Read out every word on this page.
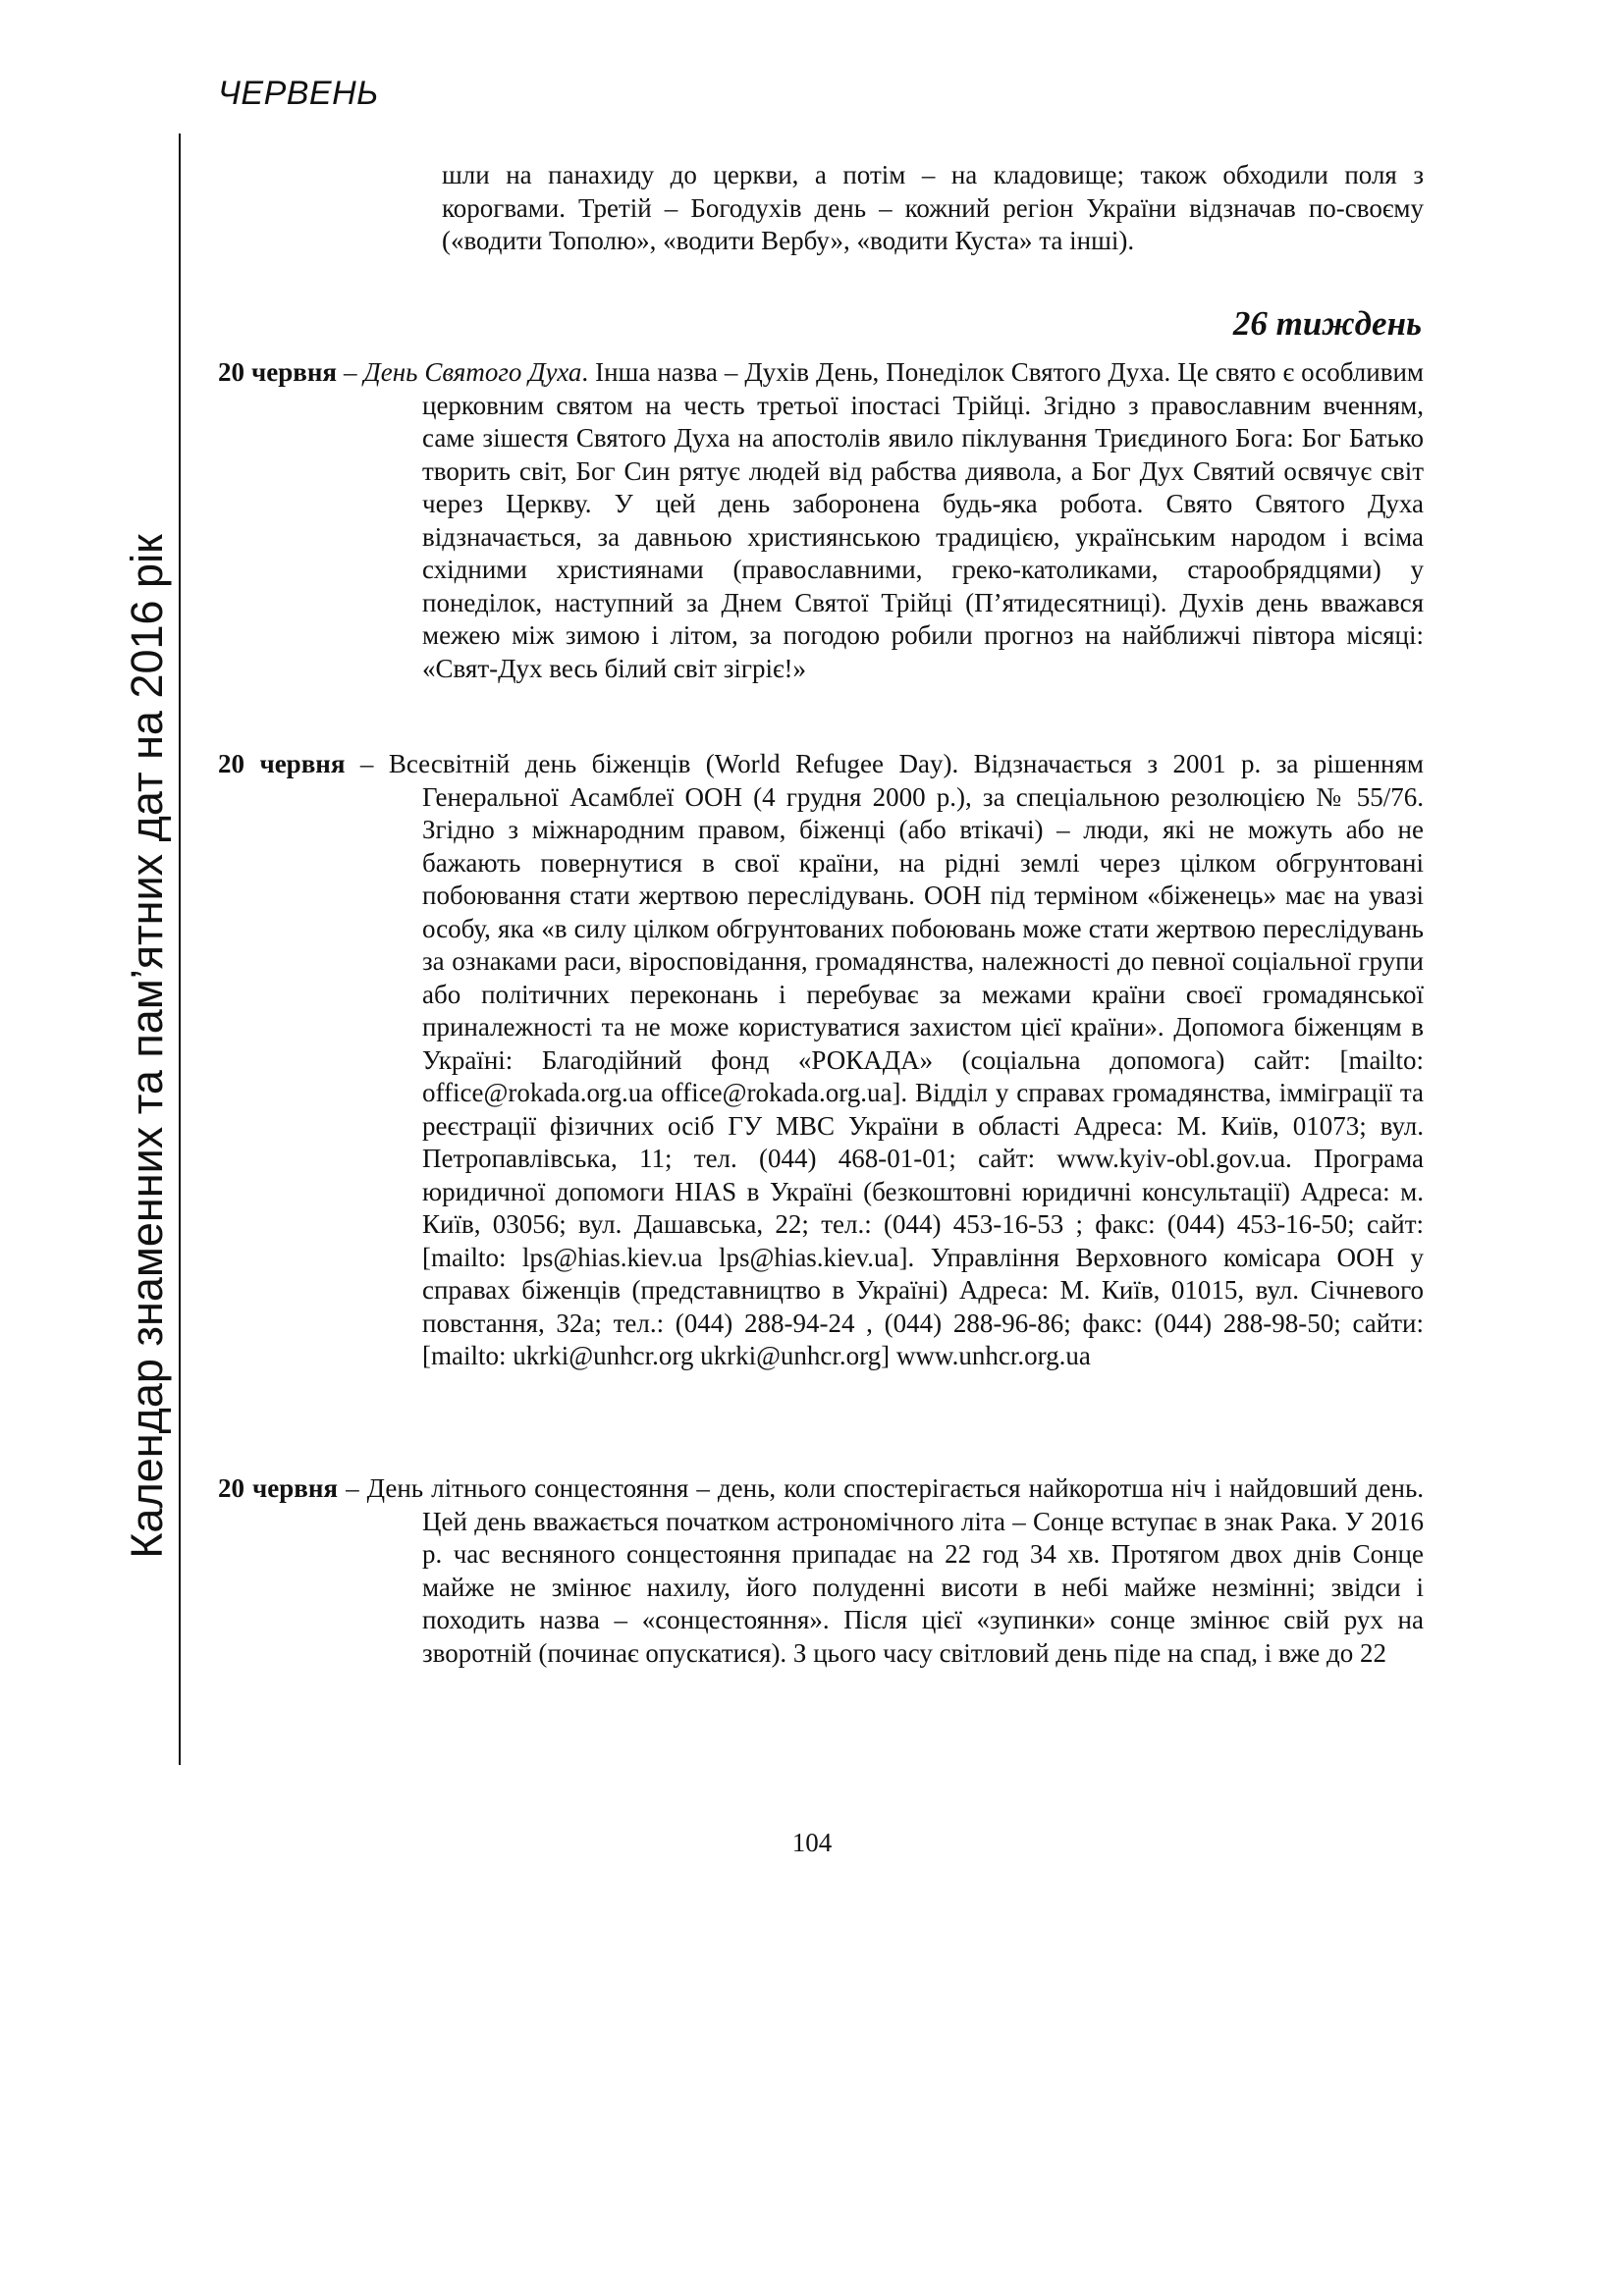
ЧЕРВЕНЬ
Календар знаменних та пам’ятних дат на 2016 рік
шли на панахиду до церкви, а потім – на кладовище; також обходили поля з корогвами. Третій – Богодухів день – кожний регіон України відзначав по-своєму («водити Тополю», «водити Вербу», «водити Куста» та інші).
26 тиждень

20 червня – День Святого Духа. Інша назва – Духів День, Понеділок Святого Духа. Це свято є особливим церковним святом на честь третьої іпостасі Трійці. Згідно з православним вченням, саме зішестя Святого Духа на апостолів явило піклування Триєдиного Бога: Бог Батько творить світ, Бог Син рятує людей від рабства диявола, а Бог Дух Святий освячує світ через Церкву. У цей день заборонена будь-яка робота. Свято Святого Духа відзначається, за давньою християнською традицією, українським народом і всіма східними християнами (православними, греко-католиками, старообрядцями) у понеділок, наступний за Днем Святої Трійці (П’ятидесятниці). Духів день вважався межею між зимою і літом, за погодою робили прогноз на найближчі півтора місяці: «Свят-Дух весь білий світ зігріє!»

20 червня – Всесвітній день біженців (World Refugee Day). Відзначається з 2001 р. за рішенням Генеральної Асамблеї ООН (4 грудня 2000 р.), за спеціальною резолюцією № 55/76. Згідно з міжнародним правом, біженці (або втікачі) – люди, які не можуть або не бажають повернутися в свої країни, на рідні землі через цілком обгрунтовані побоювання стати жертвою переслідувань. ООН під терміном «біженець» має на увазі особу, яка «в силу цілком обгрунтованих побоювань може стати жертвою переслідувань за ознаками раси, віросповідання, громадянства, належності до певної соціальної групи або політичних переконань і перебуває за межами країни своєї громадянської приналежності та не може користуватися захистом цієї країни». Допомога біженцям в Україні: Благодійний фонд «РОКАДА» (соціальна допомога) сайт: [mailto: office@rokada.org.ua office@rokada.org.ua]. Відділ у справах громадянства, імміграції та реєстрації фізичних осіб ГУ МВС України в області Адреса: М. Київ, 01073; вул. Петропавлівська, 11; тел. (044) 468-01-01; сайт: www.kyiv-obl.gov.ua. Програма юридичної допомоги HIAS в Україні (безкоштовні юридичні консультації) Адреса: м. Київ, 03056; вул. Дашавська, 22; тел.: (044) 453-16-53 ; факс: (044) 453-16-50; сайт: [mailto: lps@hias.kiev.ua lps@hias.kiev.ua]. Управління Верховного комісара ООН у справах біженців (представництво в Україні) Адреса: М. Київ, 01015, вул. Січневого повстання, 32а; тел.: (044) 288-94-24 , (044) 288-96-86; факс: (044) 288-98-50; сайти: [mailto: ukrki@unhcr.org ukrki@unhcr.org] www.unhcr.org.ua

20 червня – День літнього сонцестояння – день, коли спостерігається найкоротша ніч і найдовший день. Цей день вважається початком астрономічного літа – Сонце вступає в знак Рака. У 2016 р. час весняного сонцестояння припадає на 22 год 34 хв. Протягом двох днів Сонце майже не змінює нахилу, його полуденні висоти в небі майже незмінні; звідси і походить назва – «сонцестояння». Після цієї «зупинки» сонце змінює свій рух на зворотній (починає опускатися). З цього часу світловий день піде на спад, і вже до 22

104
